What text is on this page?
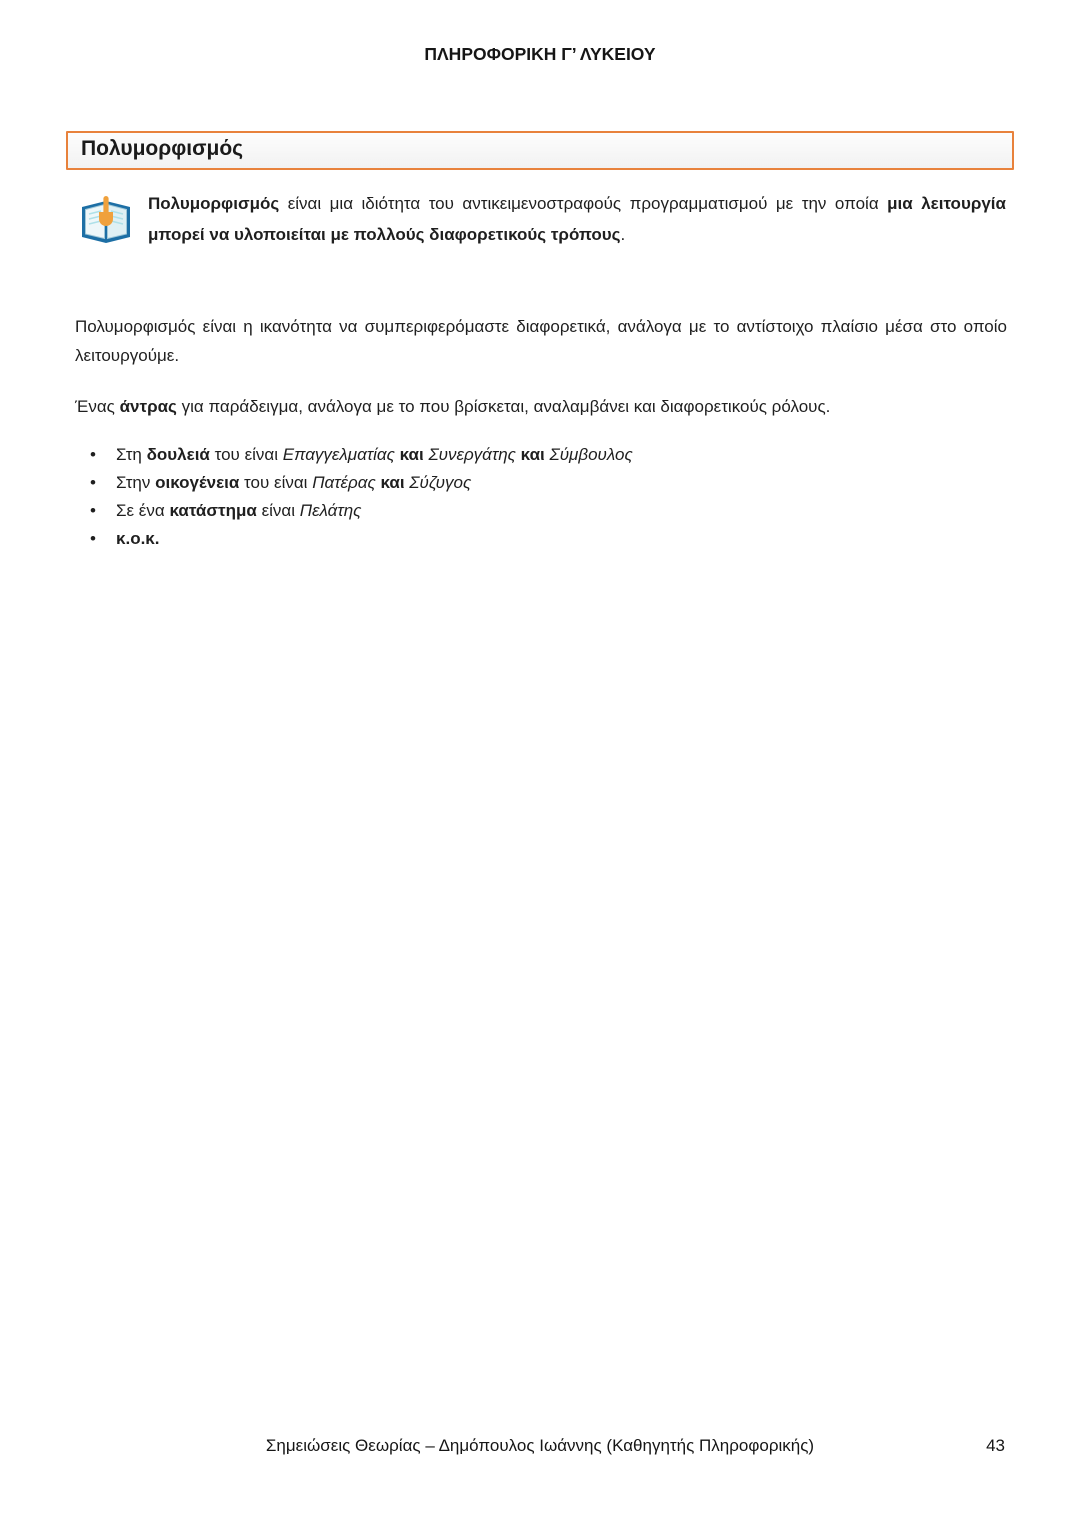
ΠΛΗΡΟΦΟΡΙΚΗ Γ’ ΛΥΚΕΙΟΥ
Πολυμορφισμός
Πολυμορφισμός είναι μια ιδιότητα του αντικειμενοστραφούς προγραμματισμού με την οποία μια λειτουργία μπορεί να υλοποιείται με πολλούς διαφορετικούς τρόπους.

Πολυμορφισμός είναι η ικανότητα να συμπεριφερόμαστε διαφορετικά, ανάλογα με το αντίστοιχο πλαίσιο μέσα στο οποίο λειτουργούμε.

Ένας άντρας για παράδειγμα, ανάλογα με το που βρίσκεται, αναλαμβάνει και διαφορετικούς ρόλους.

• Στη δουλειά του είναι Επαγγελματίας και Συνεργάτης και Σύμβουλος
• Στην οικογένεια του είναι Πατέρας και Σύζυγος
• Σε ένα κατάστημα είναι Πελάτης
• κ.ο.κ.
Σημειώσεις Θεωρίας – Δημόπουλος Ιωάννης (Καθηγητής Πληροφορικής)	43
